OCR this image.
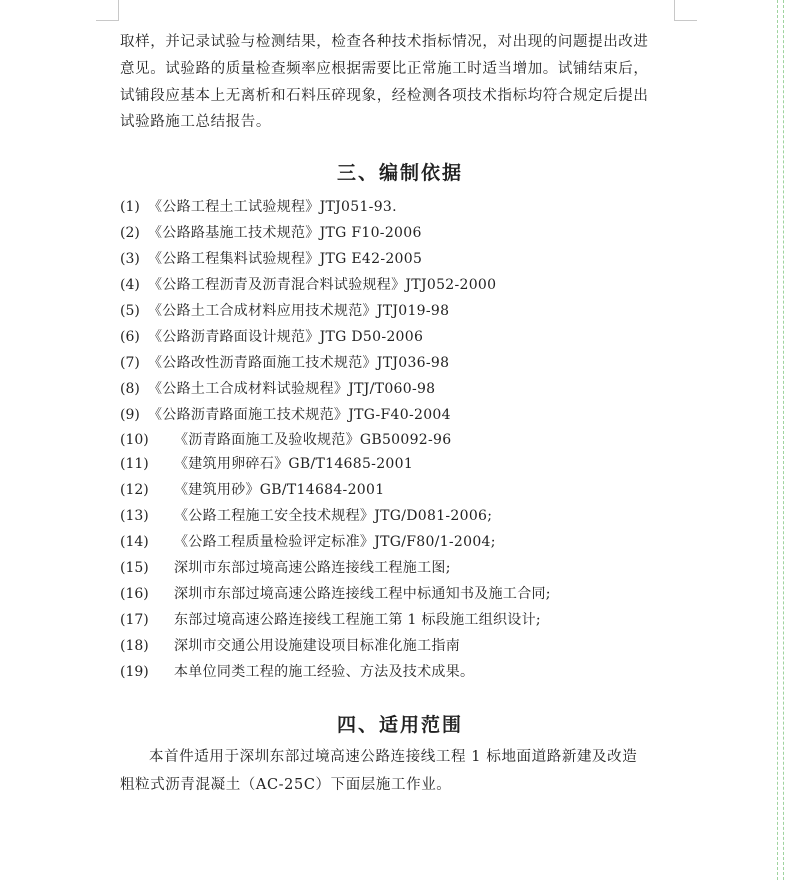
取样，并记录试验与检测结果，检查各种技术指标情况，对出现的问题提出改进
意见。试验路的质量检查频率应根据需要比正常施工时适当增加。试铺结束后，
试铺段应基本上无离析和石料压碎现象，经检测各项技术指标均符合规定后提出
试验路施工总结报告。
三、编制依据
(1) 《公路工程土工试验规程》JTJ051-93.
(2) 《公路路基施工技术规范》JTG F10-2006
(3) 《公路工程集料试验规程》JTG E42-2005
(4) 《公路工程沥青及沥青混合料试验规程》JTJ052-2000
(5) 《公路土工合成材料应用技术规范》JTJ019-98
(6) 《公路沥青路面设计规范》JTG D50-2006
(7) 《公路改性沥青路面施工技术规范》JTJ036-98
(8) 《公路土工合成材料试验规程》JTJ/T060-98
(9) 《公路沥青路面施工技术规范》JTG-F40-2004
(10) 《沥青路面施工及验收规范》GB50092-96
(11) 《建筑用卵碎石》GB/T14685-2001
(12) 《建筑用砂》GB/T14684-2001
(13) 《公路工程施工安全技术规程》JTG/D081-2006;
(14) 《公路工程质量检验评定标准》JTG/F80/1-2004;
(15) 深圳市东部过境高速公路连接线工程施工图;
(16) 深圳市东部过境高速公路连接线工程中标通知书及施工合同;
(17) 东部过境高速公路连接线工程施工第 1 标段施工组织设计;
(18) 深圳市交通公用设施建设项目标准化施工指南
(19) 本单位同类工程的施工经验、方法及技术成果。
四、适用范围
本首件适用于深圳东部过境高速公路连接线工程 1 标地面道路新建及改造
粗粒式沥青混凝土（AC-25C）下面层施工作业。
